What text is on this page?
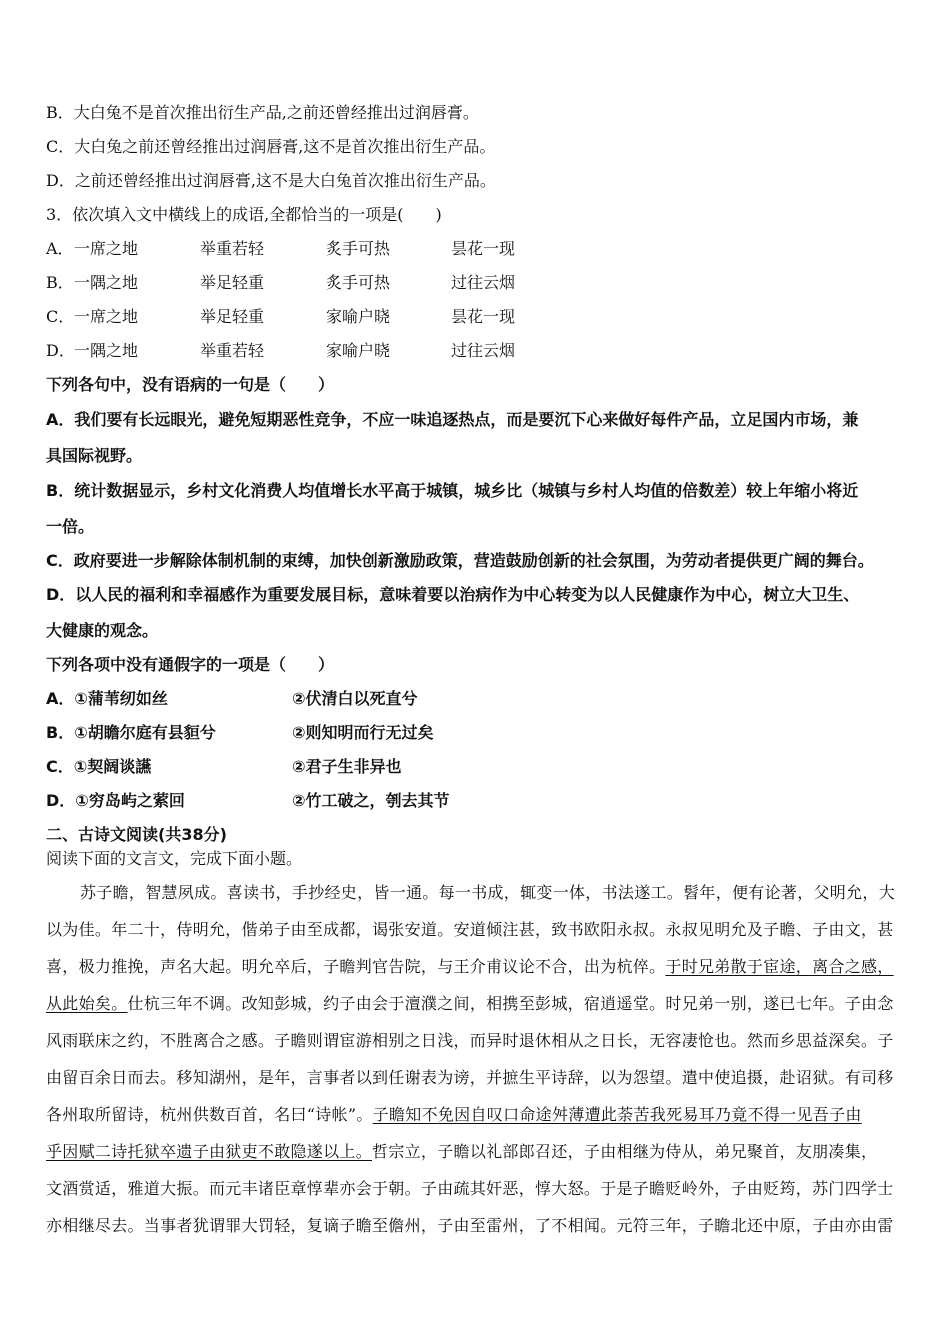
B．大白兔不是首次推出衍生产品,之前还曾经推出过润唇膏。
C．大白兔之前还曾经推出过润唇膏,这不是首次推出衍生产品。
D．之前还曾经推出过润唇膏,这不是大白兔首次推出衍生产品。
3．依次填入文中横线上的成语,全都恰当的一项是(　　)
A． 一席之地	举重若轻	炙手可热	昙花一现
B． 一隅之地	举足轻重	炙手可热	过往云烟
C． 一席之地	举足轻重	家喻户晓	昙花一现
D． 一隅之地	举重若轻	家喻户晓	过往云烟
下列各句中，没有语病的一句是（　　）
A．我们要有长远眼光，避免短期恶性竞争，不应一味追逐热点，而是要沉下心来做好每件产品，立足国内市场，兼
具国际视野。
B．统计数据显示，乡村文化消费人均值增长水平高于城镇，城乡比（城镇与乡村人均值的倍数差）较上年缩小将近
一倍。
C．政府要进一步解除体制机制的束缚，加快创新激励政策，营造鼓励创新的社会氛围，为劳动者提供更广阔的舞台。
D．以人民的福利和幸福感作为重要发展目标，意味着要以治病作为中心转变为以人民健康作为中心，树立大卫生、
大健康的观念。
下列各项中没有通假字的一项是（　　）
A．①蒲苇纫如丝	②伏清白以死直兮
B．①胡瞻尔庭有县貆兮	②则知明而行无过矣
C．①契阔谈讌	②君子生非异也
D．①穷岛屿之萦回	②竹工破之，刳去其节
二、古诗文阅读(共38分)
阅读下面的文言文，完成下面小题。
苏子瞻，智慧夙成。喜读书，手抄经史，皆一通。每一书成，辄变一体，书法遂工。髫年，便有论著，父明允，大
以为佳。年二十，侍明允，偕弟子由至成都，谒张安道。安道倾注甚，致书欧阳永叔。永叔见明允及子瞻、子由文，甚
喜，极力推挽，声名大起。明允卒后，子瞻判官告院，与王介甫议论不合，出为杭倅。于时兄弟散于宦途，离合之感，
从此始矣。仕杭三年不调。改知彭城，约子由会于澶濮之间，相携至彭城，宿逍遥堂。时兄弟一别，遂已七年。子由念
风雨联床之约，不胜离合之感。子瞻则谓宦游相别之日浅，而异时退休相从之日长，无容凄怆也。然而乡思益深矣。子
由留百余日而去。移知湖州，是年，言事者以到任谢表为谤，并摭生平诗辞，以为怨望。遣中使追摄，赴诏狱。有司移
各州取所留诗，杭州供数百首，名曰“诗帐”。子瞻知不免因自叹口命途舛薄遭此荼苦我死易耳乃竟不得一见吾子由
乎因赋二诗托狱卒遗子由狱吏不敢隐遂以上。哲宗立，子瞻以礼部郎召还，子由相继为侍从，弟兄聚首，友朋凑集，
文酒赏适，雅道大振。而元丰诸臣章惇辈亦会于朝。子由疏其奸恶，惇大怒。于是子瞻贬岭外，子由贬筠，苏门四学士
亦相继尽去。当事者犹谓罪大罚轻，复谪子瞻至儋州，子由至雷州，了不相闻。元符三年，子瞻北还中原，子由亦由雷
